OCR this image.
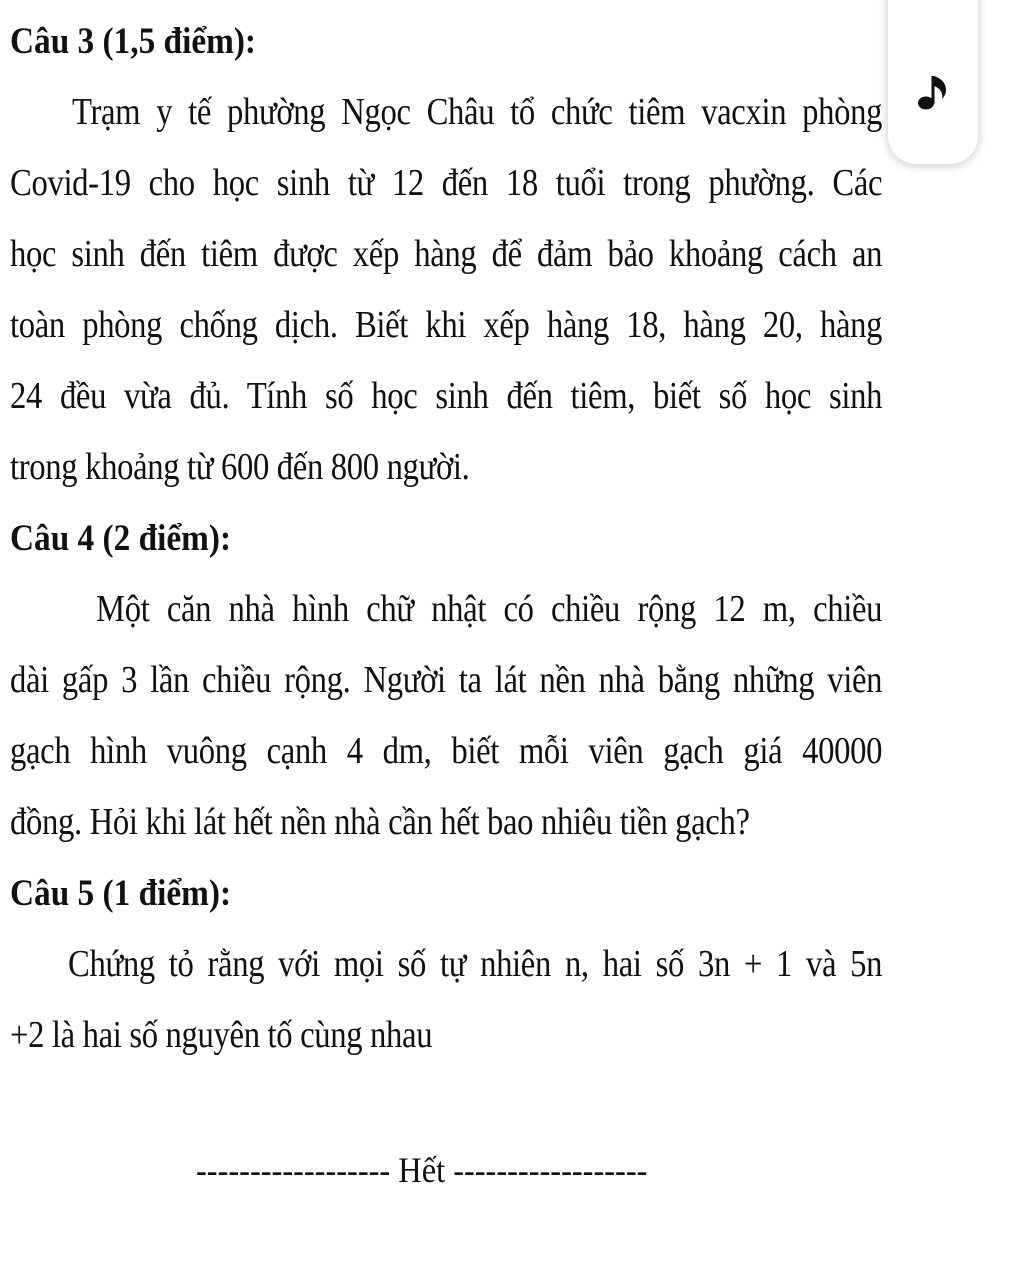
Câu 3 (1,5 điểm):

Trạm y tế phường Ngọc Châu tổ chức tiêm vacxin phòng
Covid-19 cho học sinh từ 12 đến 18 tuổi trong phường. Các
học sinh đến tiêm được xếp hàng để đảm bảo khoảng cách an
toàn phòng chống dịch. Biết khi xếp hàng 18, hàng 20, hàng
24 đều vừa đủ. Tính số học sinh đến tiêm, biết số học sinh
trong khoảng từ 600 đến 800 người.

Câu 4 (2 điểm):

Một căn nhà hình chữ nhật có chiều rộng 12 m, chiều
dài gấp 3 lần chiều rộng. Người ta lát nền nhà bằng những viên
gạch hình vuông cạnh 4 dm, biết mỗi viên gạch giá 40000
đồng. Hỏi khi lát hết nền nhà cần hết bao nhiêu tiền gạch?

Câu 5 (1 điểm):

Chứng tỏ rằng với mọi số tự nhiên n, hai số 3n + 1 và 5n
+2 là hai số nguyên tố cùng nhau
------------------ Hết ------------------
